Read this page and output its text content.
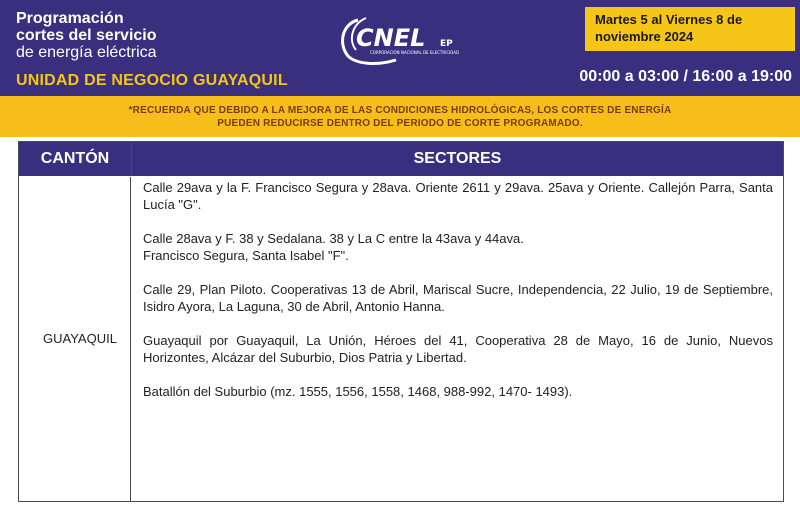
Programación
cortes del servicio
de energía eléctrica
UNIDAD DE NEGOCIO GUAYAQUIL
CNEL EP
CORPORACIÓN NACIONAL DE ELECTRICIDAD
Martes 5 al Viernes 8 de noviembre 2024
00:00 a 03:00 / 16:00 a 19:00
*RECUERDA QUE DEBIDO A LA MEJORA DE LAS CONDICIONES HIDROLÓGICAS, LOS CORTES DE ENERGÍA
PUEDEN REDUCIRSE DENTRO DEL PERIODO DE CORTE PROGRAMADO.
CANTÓN	SECTORES
GUAYAQUIL
Calle 29ava y la F. Francisco Segura y 28ava. Oriente 2611 y 29ava. 25ava y Oriente. Callejón Parra, Santa Lucía "G".
Calle 28ava y F. 38 y Sedalana. 38 y La C entre la 43ava y 44ava.
Francisco Segura, Santa Isabel "F".
Calle 29, Plan Piloto. Cooperativas 13 de Abril, Mariscal Sucre, Independencia, 22 Julio, 19 de Septiembre, Isidro Ayora, La Laguna, 30 de Abril, Antonio Hanna.
Guayaquil por Guayaquil, La Unión, Héroes del 41, Cooperativa 28 de Mayo, 16 de Junio, Nuevos Horizontes, Alcázar del Suburbio, Dios Patria y Libertad.
Batallón del Suburbio (mz. 1555, 1556, 1558, 1468, 988-992, 1470- 1493).
